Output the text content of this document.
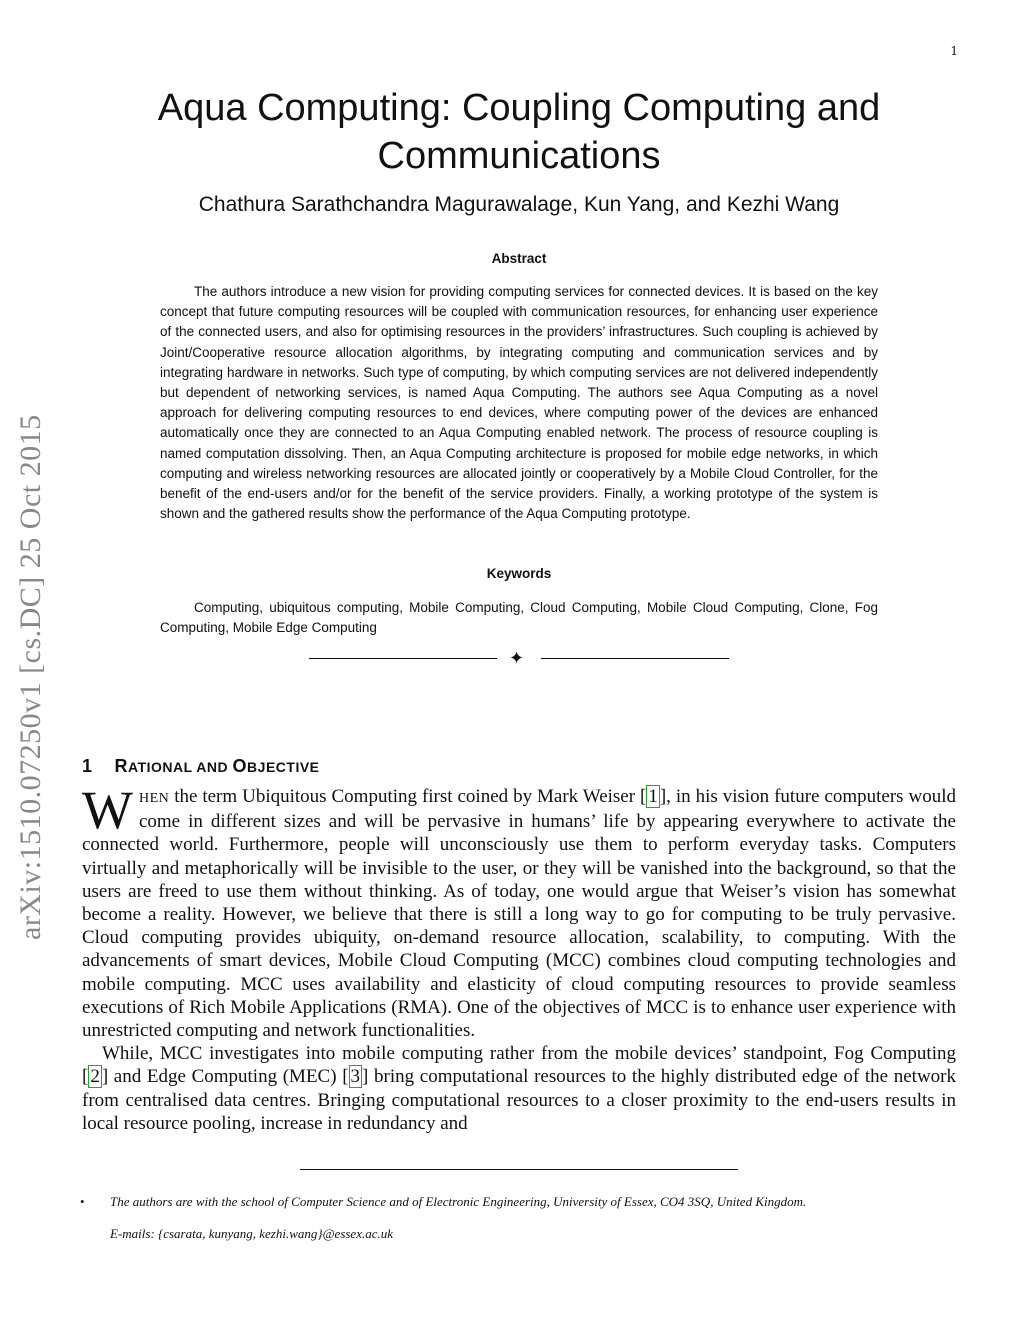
1
arXiv:1510.07250v1 [cs.DC] 25 Oct 2015
Aqua Computing: Coupling Computing and Communications
Chathura Sarathchandra Magurawalage, Kun Yang, and Kezhi Wang
Abstract

The authors introduce a new vision for providing computing services for connected devices. It is based on the key concept that future computing resources will be coupled with communication resources, for enhancing user experience of the connected users, and also for optimising resources in the providers’ infrastructures. Such coupling is achieved by Joint/Cooperative resource allocation algorithms, by integrating computing and communication services and by integrating hardware in networks. Such type of computing, by which computing services are not delivered independently but dependent of networking services, is named Aqua Computing. The authors see Aqua Computing as a novel approach for delivering computing resources to end devices, where computing power of the devices are enhanced automatically once they are connected to an Aqua Computing enabled network. The process of resource coupling is named computation dissolving. Then, an Aqua Computing architecture is proposed for mobile edge networks, in which computing and wireless networking resources are allocated jointly or cooperatively by a Mobile Cloud Controller, for the benefit of the end-users and/or for the benefit of the service providers. Finally, a working prototype of the system is shown and the gathered results show the performance of the Aqua Computing prototype.

Keywords

Computing, ubiquitous computing, Mobile Computing, Cloud Computing, Mobile Cloud Computing, Clone, Fog Computing, Mobile Edge Computing

✦
1 RATIONAL AND OBJECTIVE

WHEN the term Ubiquitous Computing first coined by Mark Weiser [ 1 ], in his vision future computers would come in different sizes and will be pervasive in humans’ life by appearing everywhere to activate the connected world. Furthermore, people will unconsciously use them to perform everyday tasks. Computers virtually and metaphorically will be invisible to the user, or they will be vanished into the background, so that the users are freed to use them without thinking. As of today, one would argue that Weiser’s vision has somewhat become a reality. However, we believe that there is still a long way to go for computing to be truly pervasive. Cloud computing provides ubiquity, on-demand resource allocation, scalability, to computing. With the advancements of smart devices, Mobile Cloud Computing (MCC) combines cloud computing technologies and mobile computing. MCC uses availability and elasticity of cloud computing resources to provide seamless executions of Rich Mobile Applications (RMA). One of the objectives of MCC is to enhance user experience with unrestricted computing and network functionalities.

While, MCC investigates into mobile computing rather from the mobile devices’ standpoint, Fog Computing [ 2 ] and Edge Computing (MEC) [ 3 ] bring computational resources to the highly distributed edge of the network from centralised data centres. Bringing computational resources to a closer proximity to the end-users results in local resource pooling, increase in redundancy and

•	The authors are with the school of Computer Science and of Electronic Engineering, University of Essex, CO4 3SQ, United Kingdom.
E-mails: {csarata, kunyang, kezhi.wang}@essex.ac.uk
